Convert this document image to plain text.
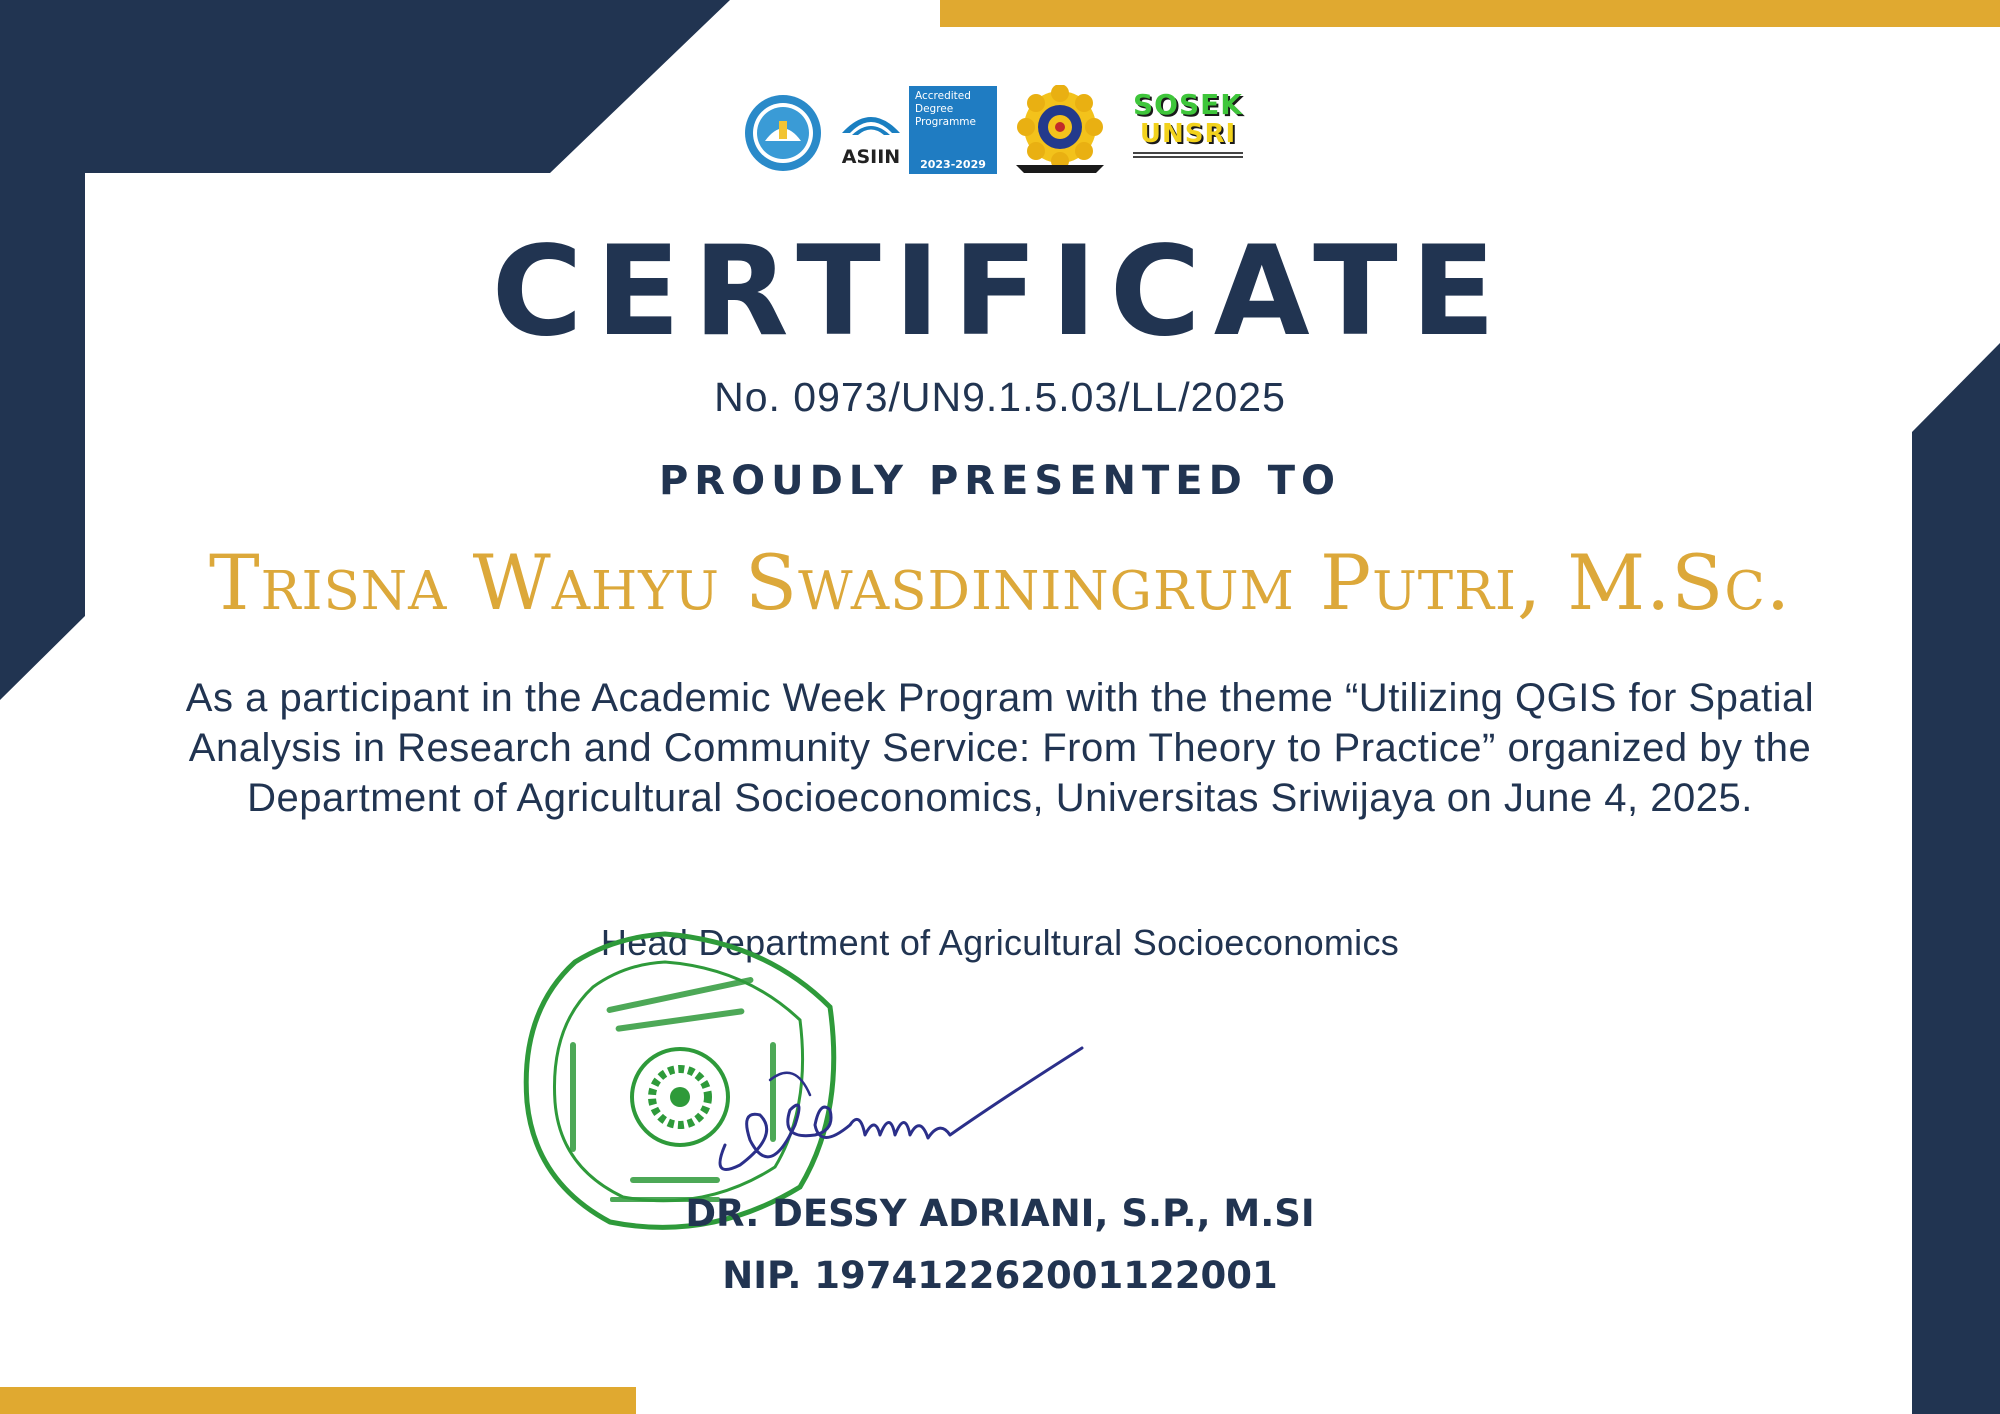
ASIIN
Accredited
Degree
Programme
2023-2029
SOSEK
UNSRI
CERTIFICATE
No. 0973/UN9.1.5.03/LL/2025
PROUDLY PRESENTED TO
Trisna Wahyu Swasdiningrum Putri, M.Sc.
As a participant in the Academic Week Program with the theme “Utilizing QGIS for Spatial Analysis in Research and Community Service: From Theory to Practice” organized by the Department of Agricultural Socioeconomics, Universitas Sriwijaya on June 4, 2025.
Head Department of Agricultural Socioeconomics
DR. DESSY ADRIANI, S.P., M.SI
NIP. 197412262001122001
